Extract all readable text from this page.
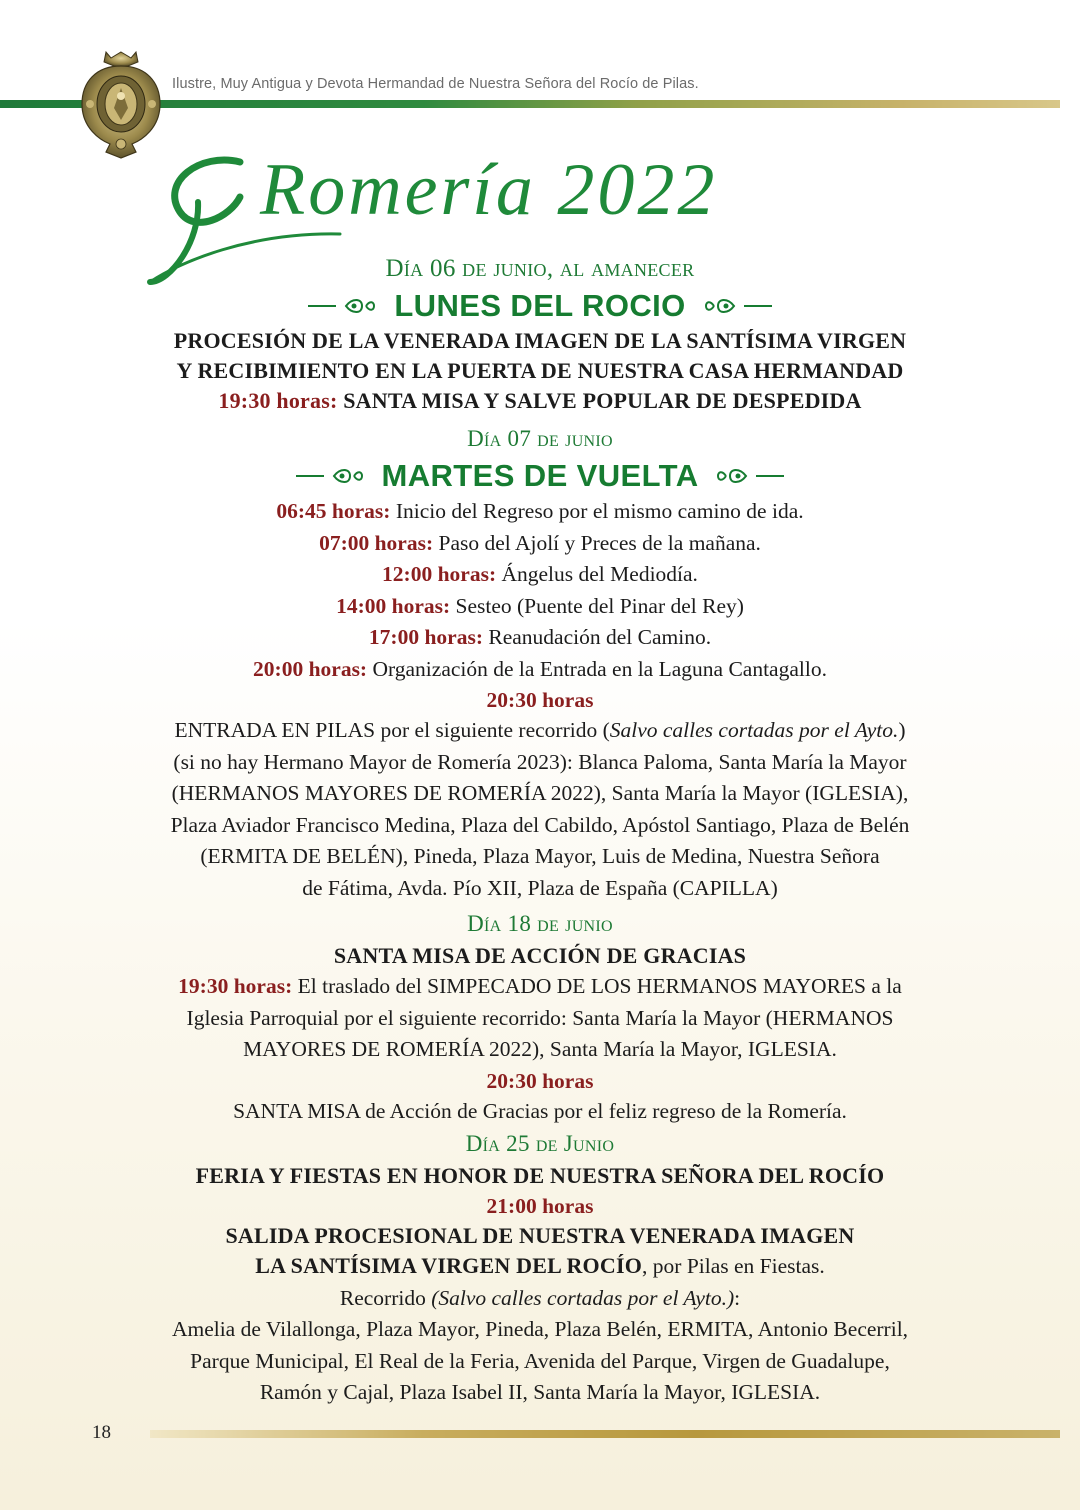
Ilustre, Muy Antigua y Devota Hermandad de Nuestra Señora del Rocío de Pilas.
Romería 2022
Día 06 de junio, al amanecer
LUNES DEL ROCIO
PROCESIÓN DE LA VENERADA IMAGEN DE LA SANTÍSIMA VIRGEN
Y RECIBIMIENTO EN LA PUERTA DE NUESTRA CASA HERMANDAD
19:30 horas: SANTA MISA Y SALVE POPULAR DE DESPEDIDA
Día 07 de junio
MARTES DE VUELTA
06:45 horas: Inicio del Regreso por el mismo camino de ida.
07:00 horas: Paso del Ajolí y Preces de la mañana.
12:00 horas: Ángelus del Mediodía.
14:00 horas: Sesteo (Puente del Pinar del Rey)
17:00 horas: Reanudación del Camino.
20:00 horas: Organización de la Entrada en la Laguna Cantagallo.
20:30 horas
ENTRADA EN PILAS por el siguiente recorrido (Salvo calles cortadas por el Ayto.)
(si no hay Hermano Mayor de Romería 2023): Blanca Paloma, Santa María la Mayor
(HERMANOS MAYORES DE ROMERÍA 2022), Santa María la Mayor (IGLESIA),
Plaza Aviador Francisco Medina, Plaza del Cabildo, Apóstol Santiago, Plaza de Belén
(ERMITA DE BELÉN), Pineda, Plaza Mayor, Luis de Medina, Nuestra Señora
de Fátima, Avda. Pío XII, Plaza de España (CAPILLA)
Día 18 de junio
SANTA MISA DE ACCIÓN DE GRACIAS
19:30 horas: El traslado del SIMPECADO DE LOS HERMANOS MAYORES a la
Iglesia Parroquial por el siguiente recorrido: Santa María la Mayor (HERMANOS
MAYORES DE ROMERÍA 2022), Santa María la Mayor, IGLESIA.
20:30 horas
SANTA MISA de Acción de Gracias por el feliz regreso de la Romería.
Día 25 de Junio
FERIA Y FIESTAS EN HONOR DE NUESTRA SEÑORA DEL ROCÍO
21:00 horas
SALIDA PROCESIONAL DE NUESTRA VENERADA IMAGEN
LA SANTÍSIMA VIRGEN DEL ROCÍO, por Pilas en Fiestas.
Recorrido (Salvo calles cortadas por el Ayto.):
Amelia de Vilallonga, Plaza Mayor, Pineda, Plaza Belén, ERMITA, Antonio Becerril,
Parque Municipal, El Real de la Feria, Avenida del Parque, Virgen de Guadalupe,
Ramón y Cajal, Plaza Isabel II, Santa María la Mayor, IGLESIA.
18
